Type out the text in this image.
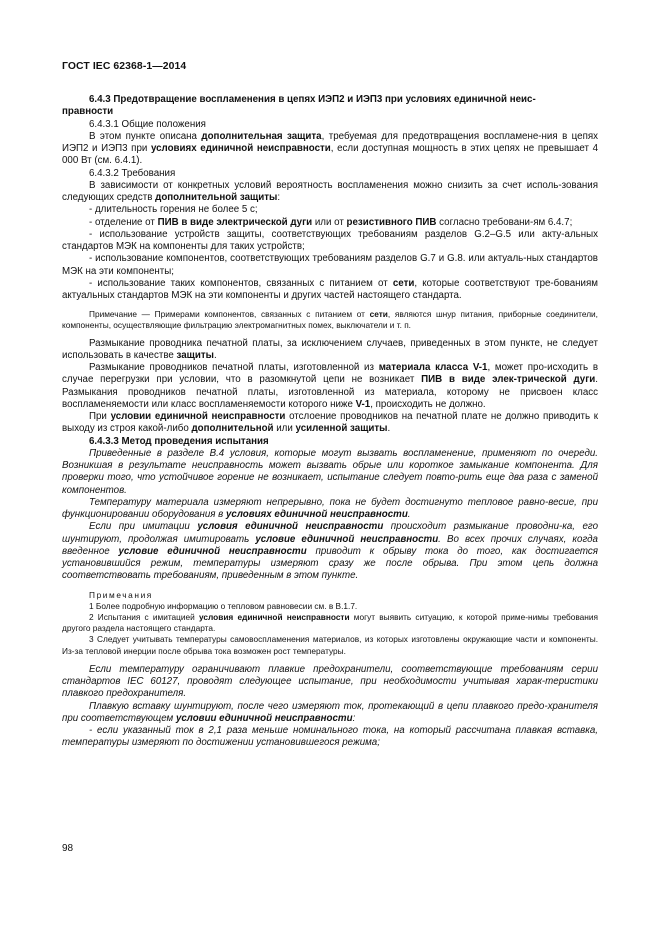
ГОСТ IEC 62368-1—2014

6.4.3 Предотвращение воспламенения в цепях ИЭП2 и ИЭП3 при условиях единичной неис-

правности

6.4.3.1 Общие положения

В этом пункте описана дополнительная защита, требуемая для предотвращения воспламене-ния в цепях ИЭП2 и ИЭП3 при условиях единичной неисправности, если доступная мощность в этих цепях не превышает 4 000 Вт (см. 6.4.1).

6.4.3.2 Требования

В зависимости от конкретных условий вероятность воспламенения можно снизить за счет исполь-зования следующих средств дополнительной защиты:

- длительность горения не более 5 с;

- отделение от ПИВ в виде электрической дуги или от резистивного ПИВ согласно требовани-ям 6.4.7;

- использование устройств защиты, соответствующих требованиям разделов G.2–G.5 или акту-альных стандартов МЭК на компоненты для таких устройств;

- использование компонентов, соответствующих требованиям разделов G.7 и G.8. или актуаль-ных стандартов МЭК на эти компоненты;

- использование таких компонентов, связанных с питанием от сети, которые соответствуют тре-бованиям актуальных стандартов МЭК на эти компоненты и других частей настоящего стандарта.

Примечание — Примерами компонентов, связанных с питанием от сети, являются шнур питания, приборные соединители, компоненты, осуществляющие фильтрацию электромагнитных помех, выключатели и т. п.

Размыкание проводника печатной платы, за исключением случаев, приведенных в этом пункте, не следует использовать в качестве защиты.

Размыкание проводников печатной платы, изготовленной из материала класса V-1, может про-исходить в случае перегрузки при условии, что в разомкнутой цепи не возникает ПИВ в виде элек-трической дуги. Размыкания проводников печатной платы, изготовленной из материала, которому не присвоен класс воспламеняемости или класс воспламеняемости которого ниже V-1, происходить не должно.

При условии единичной неисправности отслоение проводников на печатной плате не должно приводить к выходу из строя какой-либо дополнительной или усиленной защиты.

6.4.3.3 Метод проведения испытания

Приведенные в разделе В.4 условия, которые могут вызвать воспламенение, применяют по очереди. Возникшая в результате неисправность может вызвать обрые или короткое замыкание компонента. Для проверки того, что устойчивое горение не возникает, испытание следует повто-рить еще два раза с заменой компонентов.

Температуру материала измеряют непрерывно, пока не будет достигнуто тепловое равно-весие, при функционировании оборудования в условиях единичной неисправности.

Если при имитации условия единичной неисправности происходит размыкание проводни-ка, его шунтируют, продолжая имитировать условие единичной неисправности. Во всех прочих случаях, когда введенное условие единичной неисправности приводит к обрыву тока до того, как достигается установившийся режим, температуры измеряют сразу же после обрыва. При этом цепь должна соответствовать требованиям, приведенным в этом пункте.

Примечания

1 Более подробную информацию о тепловом равновесии см. в В.1.7.

2 Испытания с имитацией условия единичной неисправности могут выявить ситуацию, к которой приме-нимы требования другого раздела настоящего стандарта.

3 Следует учитывать температуры самовоспламенения материалов, из которых изготовлены окружающие части и компоненты. Из-за тепловой инерции после обрыва тока возможен рост температуры.

Если температуру ограничивают плавкие предохранители, соответствующие требованиям серии стандартов IEC 60127, проводят следующее испытание, при необходимости учитывая харак-теристики плавкого предохранителя.

Плавкую вставку шунтируют, после чего измеряют ток, протекающий в цепи плавкого предо-хранителя при соответствующем условии единичной неисправности:

- если указанный ток в 2,1 раза меньше номинального тока, на который рассчитана плавкая вставка, температуры измеряют по достижении установившегося режима;

98
